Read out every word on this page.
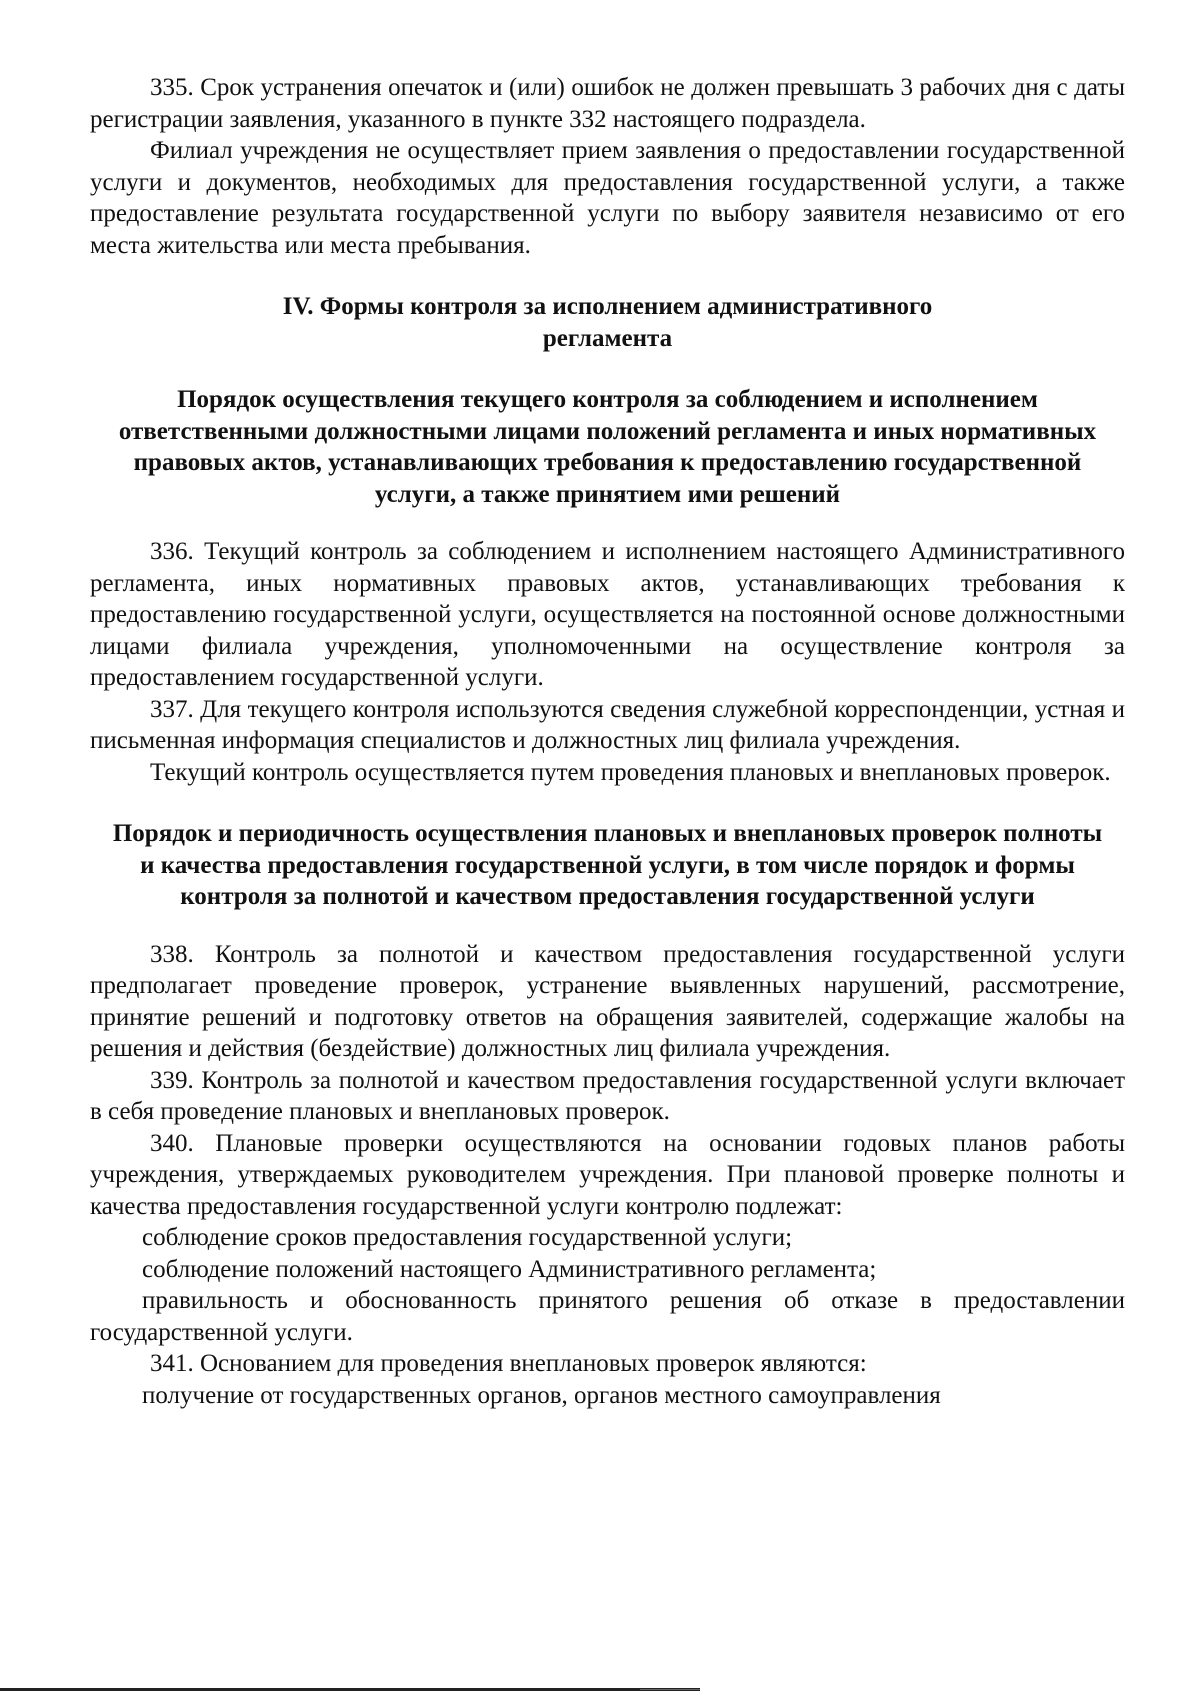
335. Срок устранения опечаток и (или) ошибок не должен превышать 3 рабочих дня с даты регистрации заявления, указанного в пункте 332 настоящего подраздела.

Филиал учреждения не осуществляет прием заявления о предоставлении государственной услуги и документов, необходимых для предоставления государственной услуги, а также предоставление результата государственной услуги по выбору заявителя независимо от его места жительства или места пребывания.

IV. Формы контроля за исполнением административного
регламента

Порядок осуществления текущего контроля за соблюдением и исполнением ответственными должностными лицами положений регламента и иных нормативных правовых актов, устанавливающих требования к предоставлению государственной услуги, а также принятием ими решений

336. Текущий контроль за соблюдением и исполнением настоящего Административного регламента, иных нормативных правовых актов, устанавливающих требования к предоставлению государственной услуги, осуществляется на постоянной основе должностными лицами филиала учреждения, уполномоченными на осуществление контроля за предоставлением государственной услуги.

337. Для текущего контроля используются сведения служебной корреспонденции, устная и письменная информация специалистов и должностных лиц филиала учреждения.

Текущий контроль осуществляется путем проведения плановых и внеплановых проверок.

Порядок и периодичность осуществления плановых и внеплановых проверок полноты и качества предоставления государственной услуги, в том числе порядок и формы контроля за полнотой и качеством предоставления государственной услуги

338. Контроль за полнотой и качеством предоставления государственной услуги предполагает проведение проверок, устранение выявленных нарушений, рассмотрение, принятие решений и подготовку ответов на обращения заявителей, содержащие жалобы на решения и действия (бездействие) должностных лиц филиала учреждения.

339. Контроль за полнотой и качеством предоставления государственной услуги включает в себя проведение плановых и внеплановых проверок.

340. Плановые проверки осуществляются на основании годовых планов работы учреждения, утверждаемых руководителем учреждения. При плановой проверке полноты и качества предоставления государственной услуги контролю подлежат:

соблюдение сроков предоставления государственной услуги;

соблюдение положений настоящего Административного регламента;

правильность и обоснованность принятого решения об отказе в предоставлении государственной услуги.

341. Основанием для проведения внеплановых проверок являются:

получение от государственных органов, органов местного самоуправления
